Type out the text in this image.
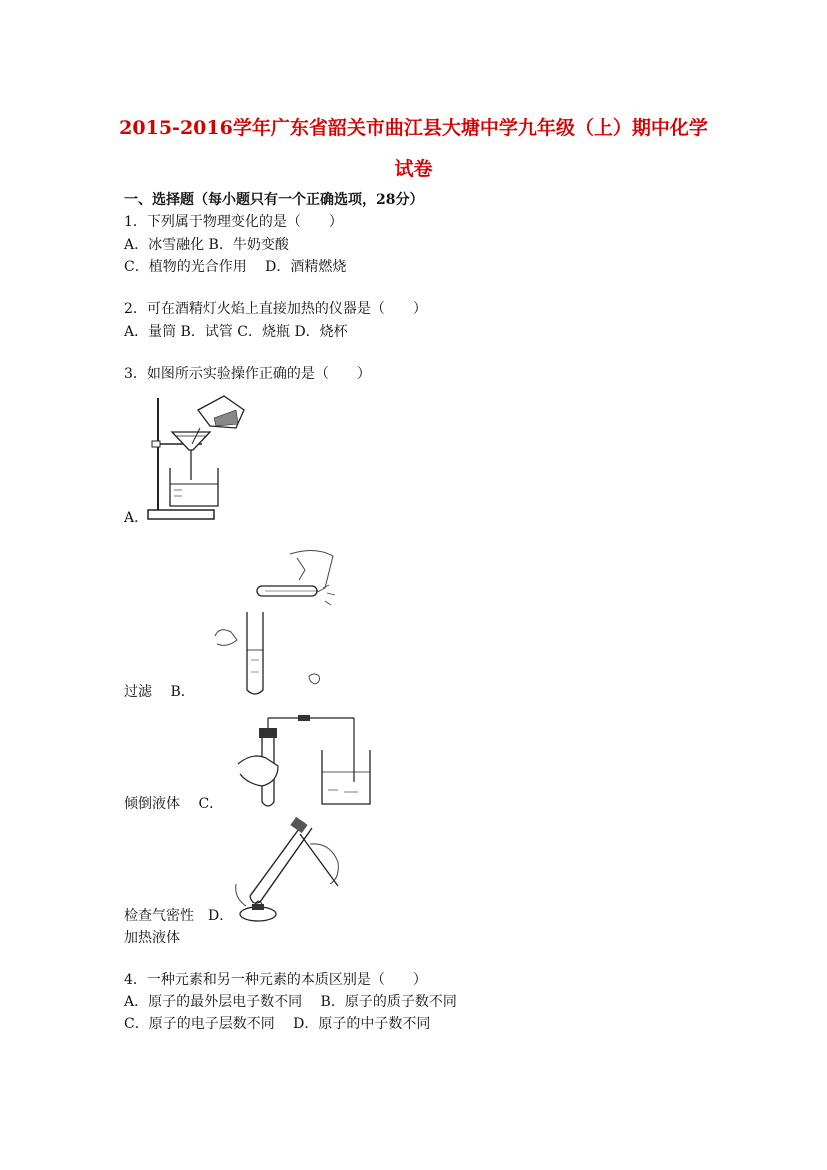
2015-2016学年广东省韶关市曲江县大塘中学九年级（上）期中化学
试卷
一、选择题（每小题只有一个正确选项，28分）
1．下列属于物理变化的是（　　）
A．冰雪融化 B．牛奶变酸
C．植物的光合作用　 D．酒精燃烧
2．可在酒精灯火焰上直接加热的仪器是（　　）
A．量筒 B．试管 C．烧瓶 D．烧杯
3．如图所示实验操作正确的是（　　）
A．
过滤　 B．
倾倒液体　 C．
检查气密性　D．
加热液体
4．一种元素和另一种元素的本质区别是（　　）
A．原子的最外层电子数不同　 B．原子的质子数不同
C．原子的电子层数不同　 D．原子的中子数不同
